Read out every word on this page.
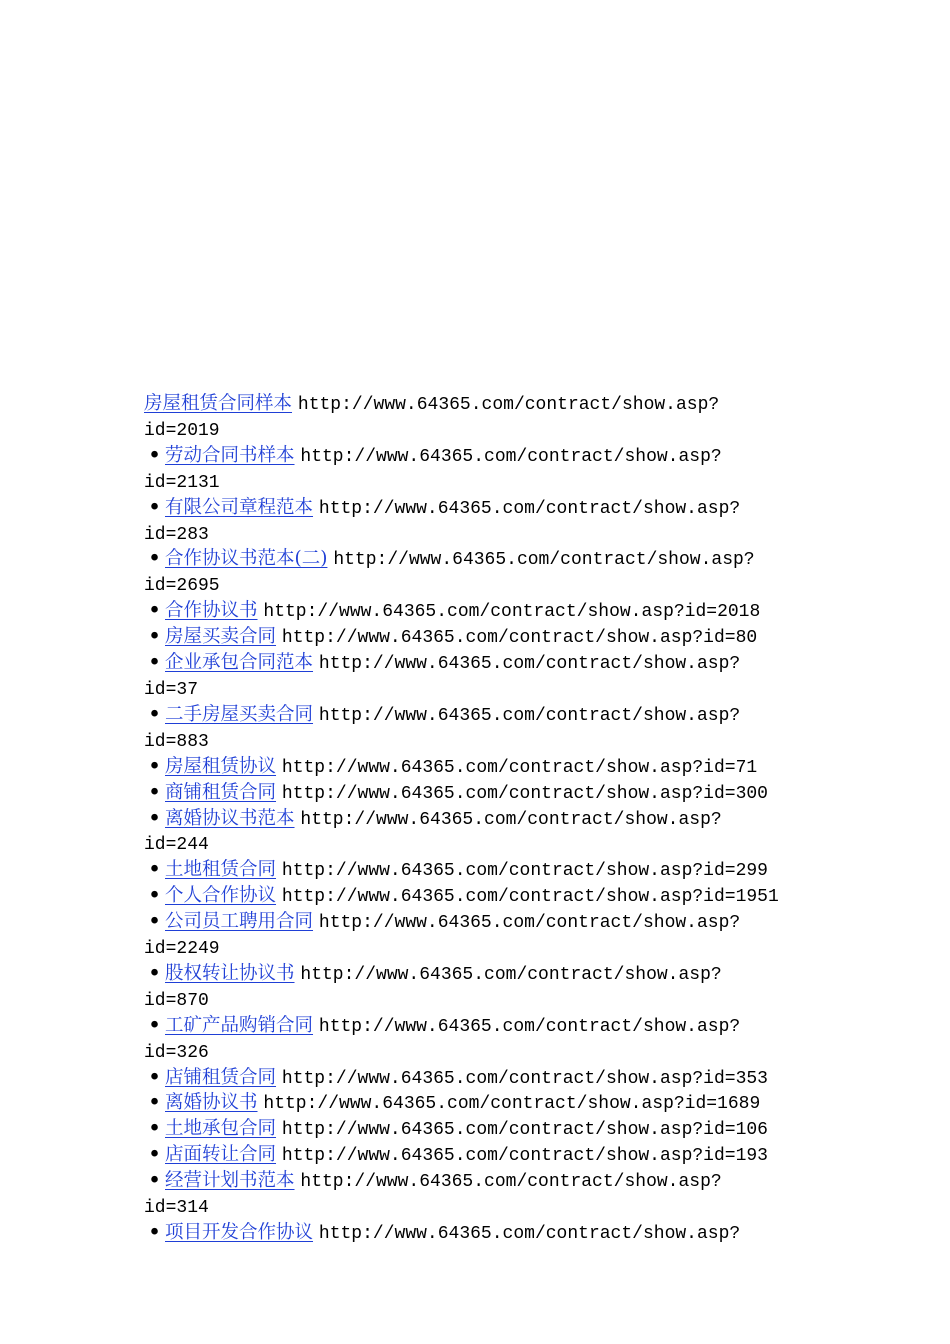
房屋租赁合同样本 http://www.64365.com/contract/show.asp?
id=2019
• 劳动合同书样本 http://www.64365.com/contract/show.asp?
id=2131
• 有限公司章程范本 http://www.64365.com/contract/show.asp?
id=283
• 合作协议书范本(二) http://www.64365.com/contract/show.asp?
id=2695
• 合作协议书 http://www.64365.com/contract/show.asp?id=2018
• 房屋买卖合同 http://www.64365.com/contract/show.asp?id=80
• 企业承包合同范本 http://www.64365.com/contract/show.asp?
id=37
• 二手房屋买卖合同 http://www.64365.com/contract/show.asp?
id=883
• 房屋租赁协议 http://www.64365.com/contract/show.asp?id=71
• 商铺租赁合同 http://www.64365.com/contract/show.asp?id=300
• 离婚协议书范本 http://www.64365.com/contract/show.asp?
id=244
• 土地租赁合同 http://www.64365.com/contract/show.asp?id=299
• 个人合作协议 http://www.64365.com/contract/show.asp?id=1951
• 公司员工聘用合同 http://www.64365.com/contract/show.asp?
id=2249
• 股权转让协议书 http://www.64365.com/contract/show.asp?
id=870
• 工矿产品购销合同 http://www.64365.com/contract/show.asp?
id=326
• 店铺租赁合同 http://www.64365.com/contract/show.asp?id=353
• 离婚协议书 http://www.64365.com/contract/show.asp?id=1689
• 土地承包合同 http://www.64365.com/contract/show.asp?id=106
• 店面转让合同 http://www.64365.com/contract/show.asp?id=193
• 经营计划书范本 http://www.64365.com/contract/show.asp?
id=314
• 项目开发合作协议 http://www.64365.com/contract/show.asp?
